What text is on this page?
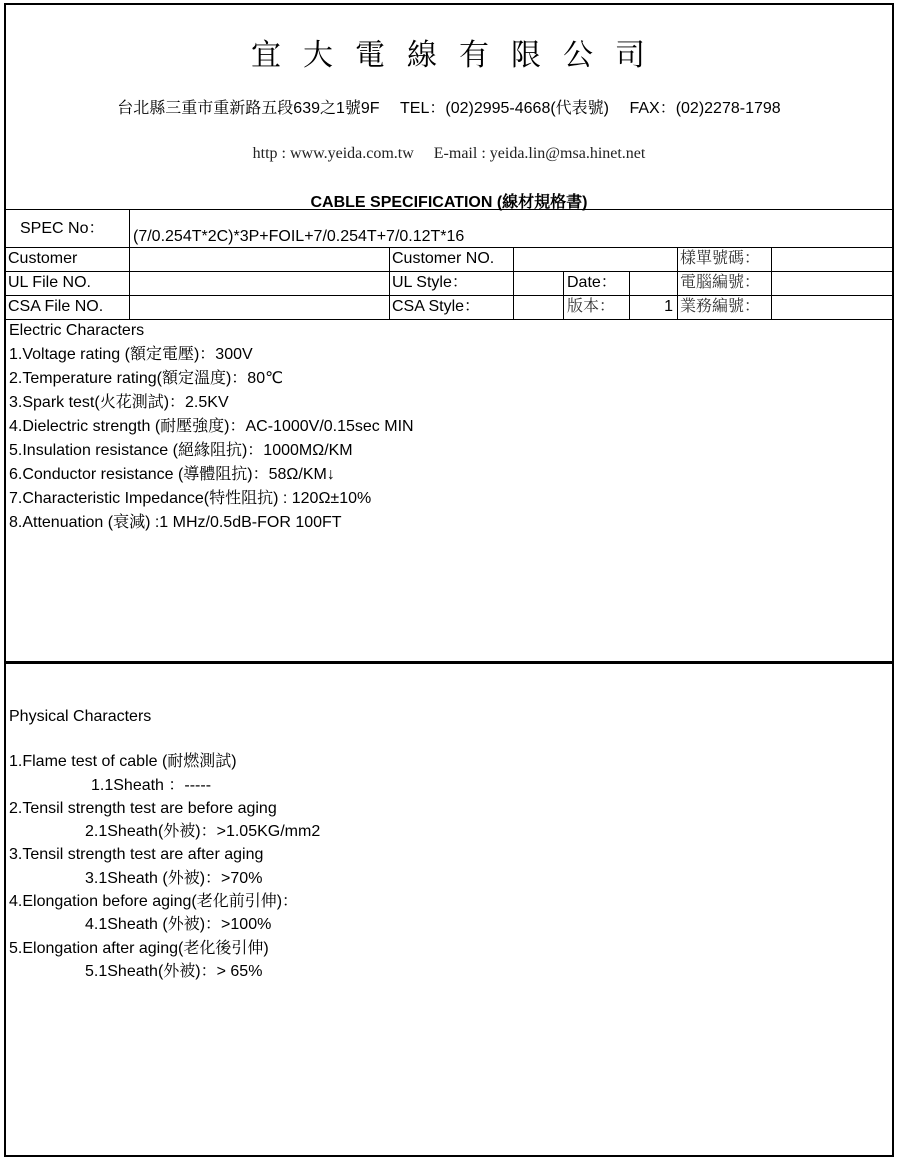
宜大電線有限公司
台北縣三重市重新路五段639之1號9F TEL：(02)2995-4668(代表號) FAX：(02)2278-1798
http : www.yeida.com.tw E-mail : yeida.lin@msa.hinet.net
CABLE SPECIFICATION (線材規格書)
SPEC No： (7/0.254T*2C)*3P+FOIL+7/0.254T+7/0.12T*16
Customer	Customer NO.	樣單號碼：
UL File NO.	UL Style：	Date：	電腦編號：
CSA File NO.	CSA Style：	版本：	1 業務編號：
Electric Characters
1.Voltage rating (額定電壓)：300V
2.Temperature rating(額定溫度)：80℃
3.Spark test(火花測試)：2.5KV
4.Dielectric strength (耐壓強度)：AC-1000V/0.15sec MIN
5.Insulation resistance (絕緣阻抗)：1000MΩ/KM
6.Conductor resistance (導體阻抗)：58Ω/KM↓
7.Characteristic Impedance(特性阻抗) : 120Ω±10%
8.Attenuation (衰減) :1 MHz/0.5dB-FOR 100FT
Physical Characters
1.Flame test of cable (耐燃測試)
1.1Sheath ：-----
2.Tensil strength test are before aging
2.1Sheath(外被)：>1.05KG/mm2
3.Tensil strength test are after aging
3.1Sheath (外被)：>70%
4.Elongation before aging(老化前引伸)：
4.1Sheath (外被)：>100%
5.Elongation after aging(老化後引伸)
5.1Sheath(外被)：> 65%
